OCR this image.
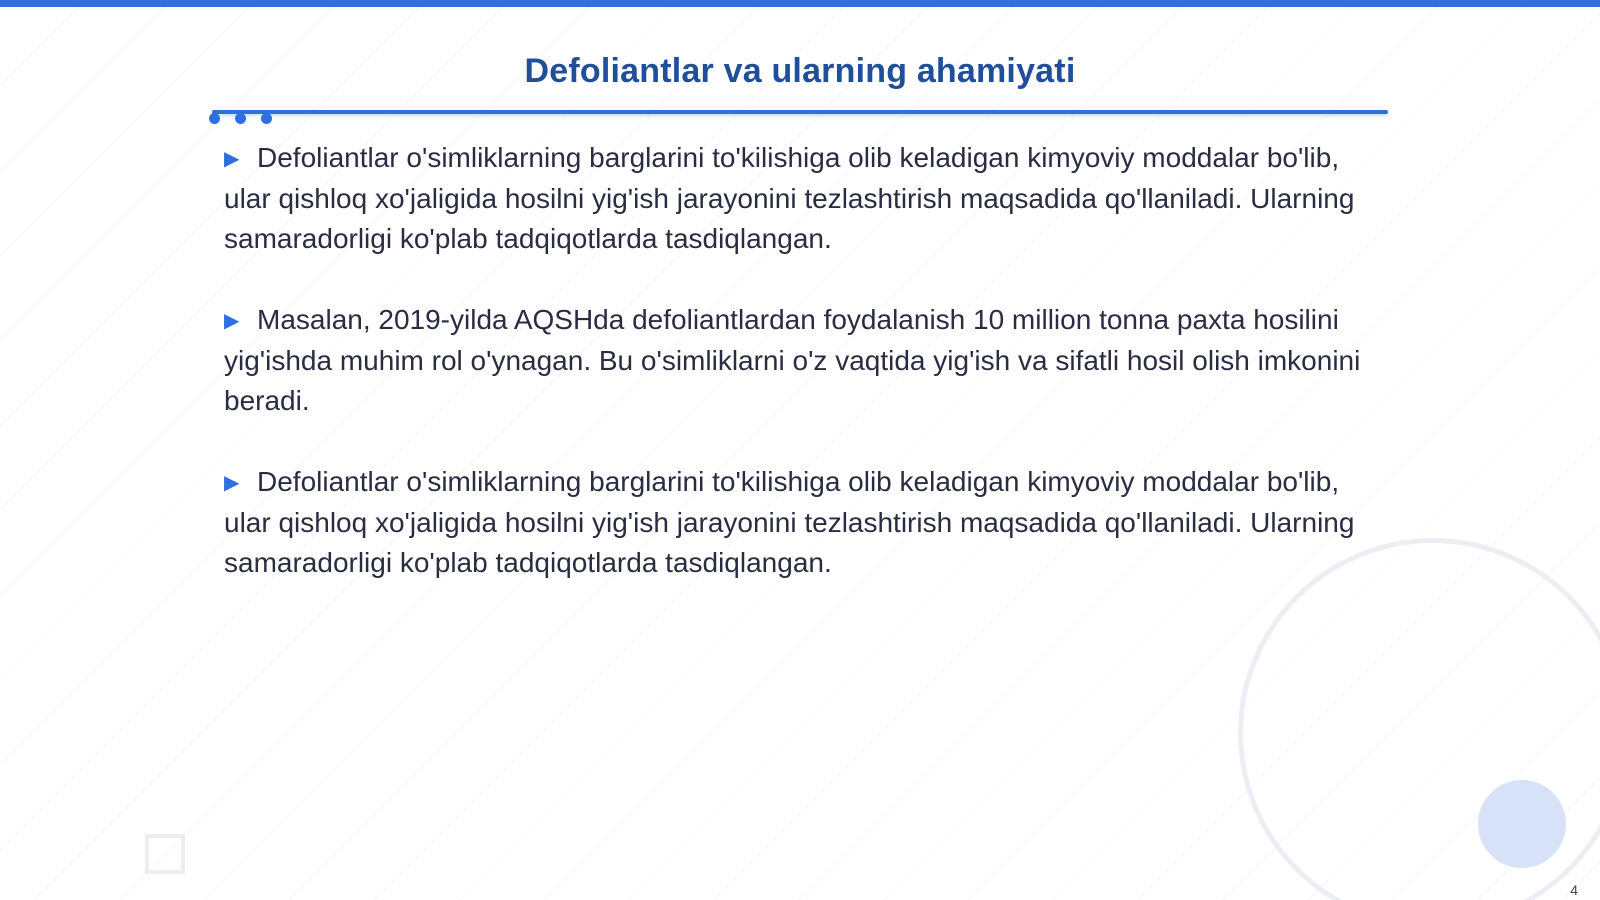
Defoliantlar va ularning ahamiyati

▶ Defoliantlar o'simliklarning barglarini to'kilishiga olib keladigan kimyoviy moddalar bo'lib, ular qishloq xo'jaligida hosilni yig'ish jarayonini tezlashtirish maqsadida qo'llaniladi. Ularning samaradorligi ko'plab tadqiqotlarda tasdiqlangan.

▶ Masalan, 2019-yilda AQSHda defoliantlardan foydalanish 10 million tonna paxta hosilini yig'ishda muhim rol o'ynagan. Bu o'simliklarni o'z vaqtida yig'ish va sifatli hosil olish imkonini beradi.

▶ Defoliantlar o'simliklarning barglarini to'kilishiga olib keladigan kimyoviy moddalar bo'lib, ular qishloq xo'jaligida hosilni yig'ish jarayonini tezlashtirish maqsadida qo'llaniladi. Ularning samaradorligi ko'plab tadqiqotlarda tasdiqlangan.

4
